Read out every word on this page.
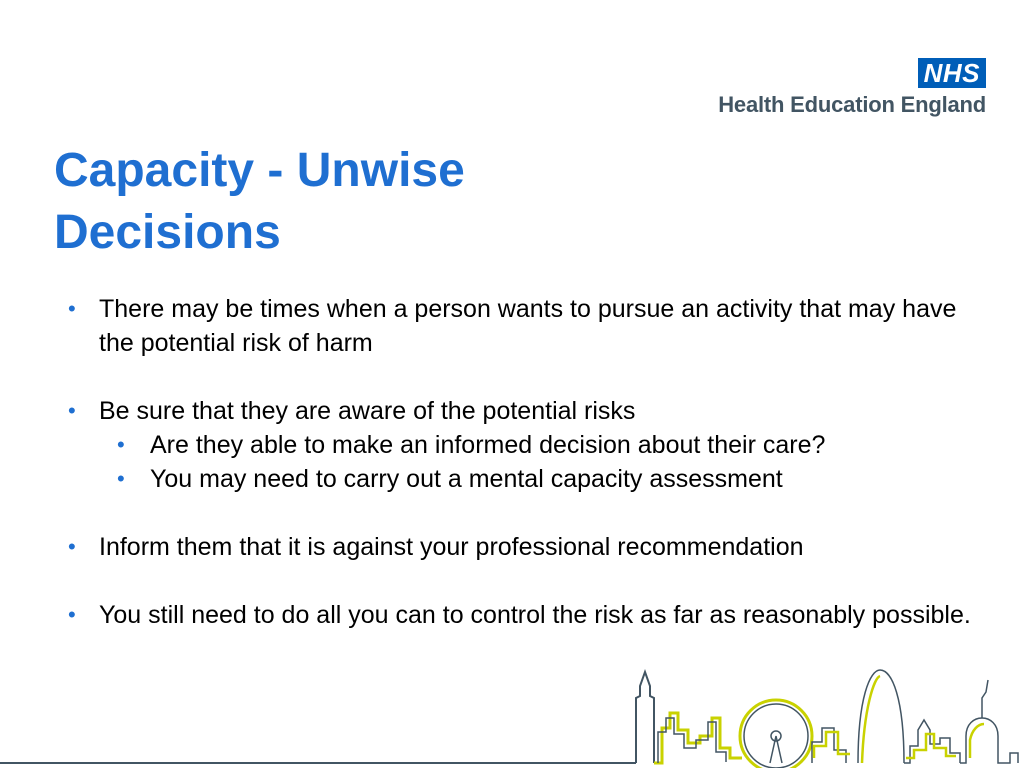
NHS
Health Education England
Capacity - Unwise
Decisions
• There may be times when a person wants to pursue an activity that may have the potential risk of harm
• Be sure that they are aware of the potential risks
• Are they able to make an informed decision about their care?
• You may need to carry out a mental capacity assessment
• Inform them that it is against your professional recommendation
• You still need to do all you can to control the risk as far as reasonably possible.
